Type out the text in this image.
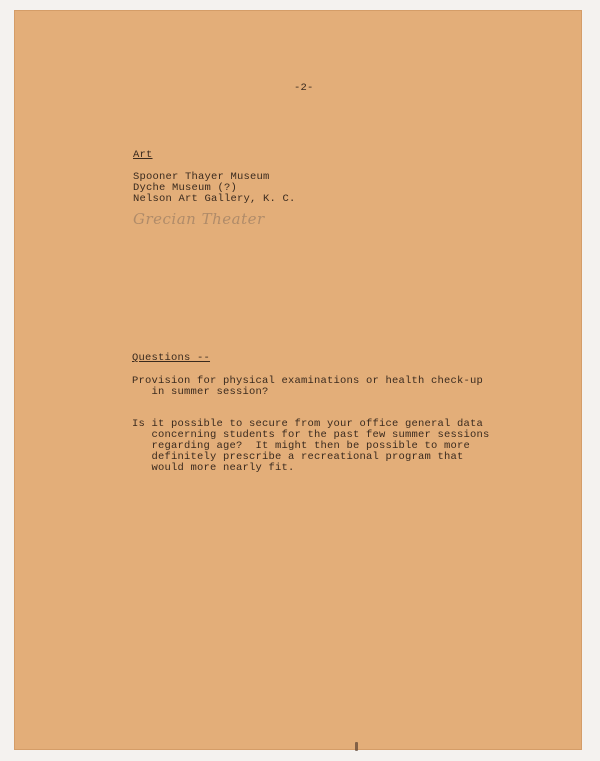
-2-
Art
Spooner Thayer Museum
Dyche Museum (?)
Nelson Art Gallery, K. C.
Grecian Theater
Questions --
Provision for physical examinations or health check-up
in summer session?
Is it possible to secure from your office general data
concerning students for the past few summer sessions
regarding age?  It might then be possible to more
definitely prescribe a recreational program that
would more nearly fit.
